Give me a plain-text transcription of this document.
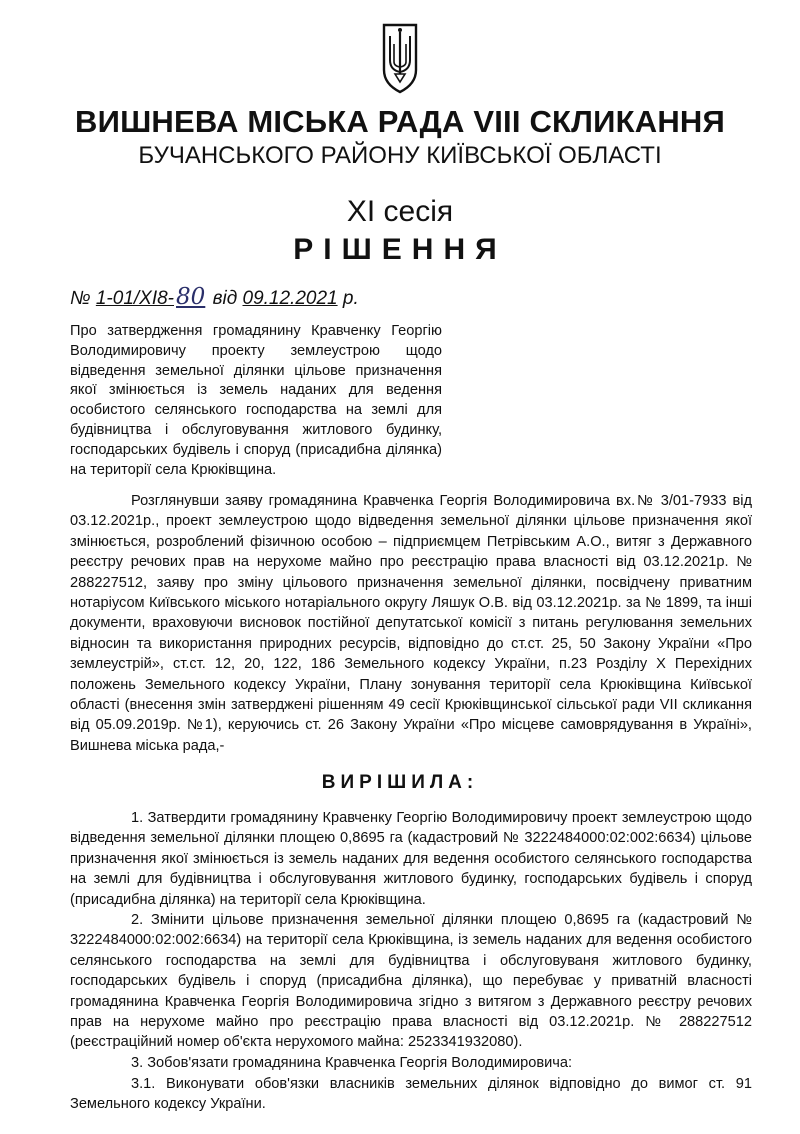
ВИШНЕВА МІСЬКА РАДА VIII СКЛИКАННЯ
БУЧАНСЬКОГО РАЙОНУ КИЇВСЬКОЇ ОБЛАСТІ
XI сесія
РІШЕННЯ
№ 1-01/XI8-80 від 09.12.2021 р.
Про затвердження громадянину Кравченку Георгію Володимировичу проекту землеустрою щодо відведення земельної ділянки цільове призначення якої змінюється із земель наданих для ведення особистого селянського господарства на землі для будівництва і обслуговування житлового будинку, господарських будівель і споруд (присадибна ділянка) на території села Крюківщина.

Розглянувши заяву громадянина Кравченка Георгія Володимировича вх.№ 3/01-7933 від 03.12.2021р., проект землеустрою щодо відведення земельної ділянки цільове призначення якої змінюється, розроблений фізичною особою – підприємцем Петрівським А.О., витяг з Державного реєстру речових прав на нерухоме майно про реєстрацію права власності від 03.12.2021р. № 288227512, заяву про зміну цільового призначення земельної ділянки, посвідчену приватним нотаріусом Київського міського нотаріального округу Ляшук О.В. від 03.12.2021р. за № 1899, та інші документи, враховуючи висновок постійної депутатської комісії з питань регулювання земельних відносин та використання природних ресурсів, відповідно до ст.ст. 25, 50 Закону України «Про землеустрій», ст.ст. 12, 20, 122, 186 Земельного кодексу України, п.23 Розділу Х Перехідних положень Земельного кодексу України, Плану зонування території села Крюківщина Київської області (внесення змін затверджені рішенням 49 сесії Крюківщинської сільської ради VII скликання від 05.09.2019р. №1), керуючись ст. 26 Закону України «Про місцеве самоврядування в Україні», Вишнева міська рада,-

ВИРІШИЛА:

1. Затвердити громадянину Кравченку Георгію Володимировичу проект землеустрою щодо відведення земельної ділянки площею 0,8695 га (кадастровий № 3222484000:02:002:6634) цільове призначення якої змінюється із земель наданих для ведення особистого селянського господарства на землі для будівництва і обслуговування житлового будинку, господарських будівель і споруд (присадибна ділянка) на території села Крюківщина.

2. Змінити цільове призначення земельної ділянки площею 0,8695 га (кадастровий № 3222484000:02:002:6634) на території села Крюківщина, із земель наданих для ведення особистого селянського господарства на землі для будівництва і обслуговуваня житлового будинку, господарських будівель і споруд (присадибна ділянка), що перебуває у приватній власності громадянина Кравченка Георгія Володимировича згідно з витягом з Державного реєстру речових прав на нерухоме майно про реєстрацію права власності від 03.12.2021р. № 288227512 (реєстраційний номер об'єкта нерухомого майна: 2523341932080).

3. Зобов'язати громадянина Кравченка Георгія Володимировича:

3.1. Виконувати обов'язки власників земельних ділянок відповідно до вимог ст. 91 Земельного кодексу України.
